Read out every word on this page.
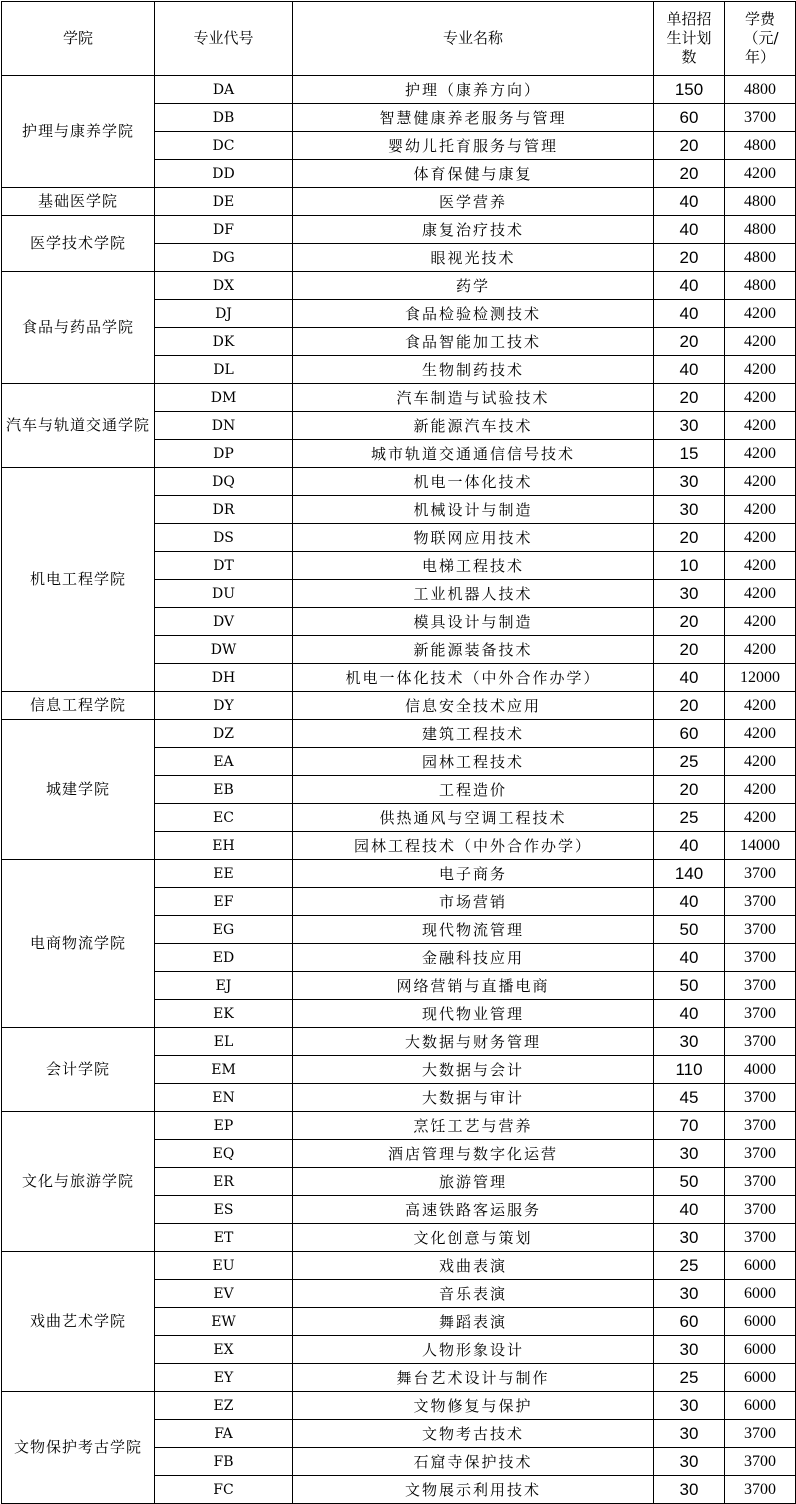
学院	专业代号	专业名称	单招招生计划数	学费（元/年）

护理与康养学院	DA	护理（康养方向）	150	4800
	DB	智慧健康养老服务与管理	60	3700
	DC	婴幼儿托育服务与管理	20	4800
	DD	体育保健与康复	20	4200
基础医学院	DE	医学营养	40	4800
医学技术学院	DF	康复治疗技术	40	4800
	DG	眼视光技术	20	4800
食品与药品学院	DX	药学	40	4800
	DJ	食品检验检测技术	40	4200
	DK	食品智能加工技术	20	4200
	DL	生物制药技术	40	4200
汽车与轨道交通学院	DM	汽车制造与试验技术	20	4200
	DN	新能源汽车技术	30	4200
	DP	城市轨道交通通信信号技术	15	4200
机电工程学院	DQ	机电一体化技术	30	4200
	DR	机械设计与制造	30	4200
	DS	物联网应用技术	20	4200
	DT	电梯工程技术	10	4200
	DU	工业机器人技术	30	4200
	DV	模具设计与制造	20	4200
	DW	新能源装备技术	20	4200
	DH	机电一体化技术（中外合作办学）	40	12000
信息工程学院	DY	信息安全技术应用	20	4200
城建学院	DZ	建筑工程技术	60	4200
	EA	园林工程技术	25	4200
	EB	工程造价	20	4200
	EC	供热通风与空调工程技术	25	4200
	EH	园林工程技术（中外合作办学）	40	14000
电商物流学院	EE	电子商务	140	3700
	EF	市场营销	40	3700
	EG	现代物流管理	50	3700
	ED	金融科技应用	40	3700
	EJ	网络营销与直播电商	50	3700
	EK	现代物业管理	40	3700
会计学院	EL	大数据与财务管理	30	3700
	EM	大数据与会计	110	4000
	EN	大数据与审计	45	3700
文化与旅游学院	EP	烹饪工艺与营养	70	3700
	EQ	酒店管理与数字化运营	30	3700
	ER	旅游管理	50	3700
	ES	高速铁路客运服务	40	3700
	ET	文化创意与策划	30	3700
戏曲艺术学院	EU	戏曲表演	25	6000
	EV	音乐表演	30	6000
	EW	舞蹈表演	60	6000
	EX	人物形象设计	30	6000
	EY	舞台艺术设计与制作	25	6000
文物保护考古学院	EZ	文物修复与保护	30	6000
	FA	文物考古技术	30	3700
	FB	石窟寺保护技术	30	3700
	FC	文物展示利用技术	30	3700
